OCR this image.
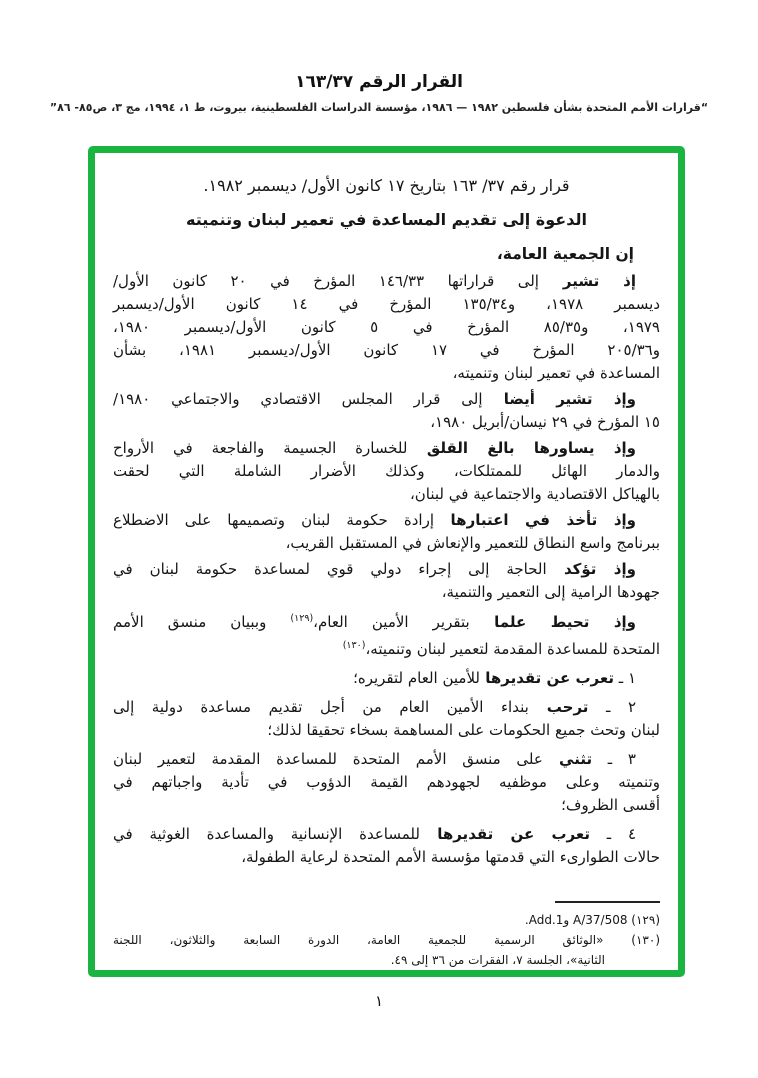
القرار الرقم ٣٧/‏١٦٣
“قرارات الأمم المتحدة بشأن فلسطين ١٩٨٢ — ١٩٨٦، مؤسسة الدراسات الفلسطينية، بيروت، ط ١، ١٩٩٤، مج ٣، ص٨٥- ٨٦”
قرار رقم ٣٧/ ١٦٣ بتاريخ ١٧ كانون الأول/ ديسمبر ١٩٨٢.
الدعوة إلى تقديم المساعدة في تعمير لبنان وتنميته
إن الجمعية العامة،
إذ تشير إلى قراراتها ٣٣/‏١٤٦ المؤرخ في ٢٠ كانون الأول/
ديسمبر ١٩٧٨، و٣٤/‏١٣٥ المؤرخ في ١٤ كانون الأول/ديسمبر
١٩٧٩، و٣٥/‏٨٥ المؤرخ في ٥ كانون الأول/ديسمبر ١٩٨٠،
و٣٦/‏٢٠٥ المؤرخ في ١٧ كانون الأول/ديسمبر ١٩٨١، بشأن
المساعدة في تعمير لبنان وتنميته،
وإذ تشير أيضا إلى قرار المجلس الاقتصادي والاجتماعي ١٩٨٠/
١٥ المؤرخ في ٢٩ نيسان/أبريل ١٩٨٠،
وإذ يساورها بالغ القلق للخسارة الجسيمة والفاجعة في الأرواح
والدمار الهائل للممتلكات، وكذلك الأضرار الشاملة التي لحقت
بالهياكل الاقتصادية والاجتماعية في لبنان،
وإذ تأخذ في اعتبارها إرادة حكومة لبنان وتصميمها على الاضطلاع
ببرنامج واسع النطاق للتعمير والإنعاش في المستقبل القريب،
وإذ تؤكد الحاجة إلى إجراء دولي قوي لمساعدة حكومة لبنان في
جهودها الرامية إلى التعمير والتنمية،
وإذ تحيط علما بتقرير الأمين العام،$^{(١٢٩)}$ وببيان منسق الأمم
المتحدة للمساعدة المقدمة لتعمير لبنان وتنميته،$^{(١٣٠)}$
١ ـ تعرب عن تقديرها للأمين العام لتقريره؛
٢ ـ ترحب بنداء الأمين العام من أجل تقديم مساعدة دولية إلى
لبنان وتحث جميع الحكومات على المساهمة بسخاء تحقيقا لذلك؛
٣ ـ تثني على منسق الأمم المتحدة للمساعدة المقدمة لتعمير لبنان
وتنميته وعلى موظفيه لجهودهم القيمة الدؤوب في تأدية واجباتهم في
أقسى الظروف؛
٤ ـ تعرب عن تقديرها للمساعدة الإنسانية والمساعدة الغوثية في
حالات الطوارىء التي قدمتها مؤسسة الأمم المتحدة لرعاية الطفولة،
(١٢٩) A/37/508 وAdd.1.
(١٣٠) «الوثائق الرسمية للجمعية العامة، الدورة السابعة والثلاثون، اللجنة
الثانية»، الجلسة ٧، الفقرات من ٣٦ إلى ٤٩.
١
